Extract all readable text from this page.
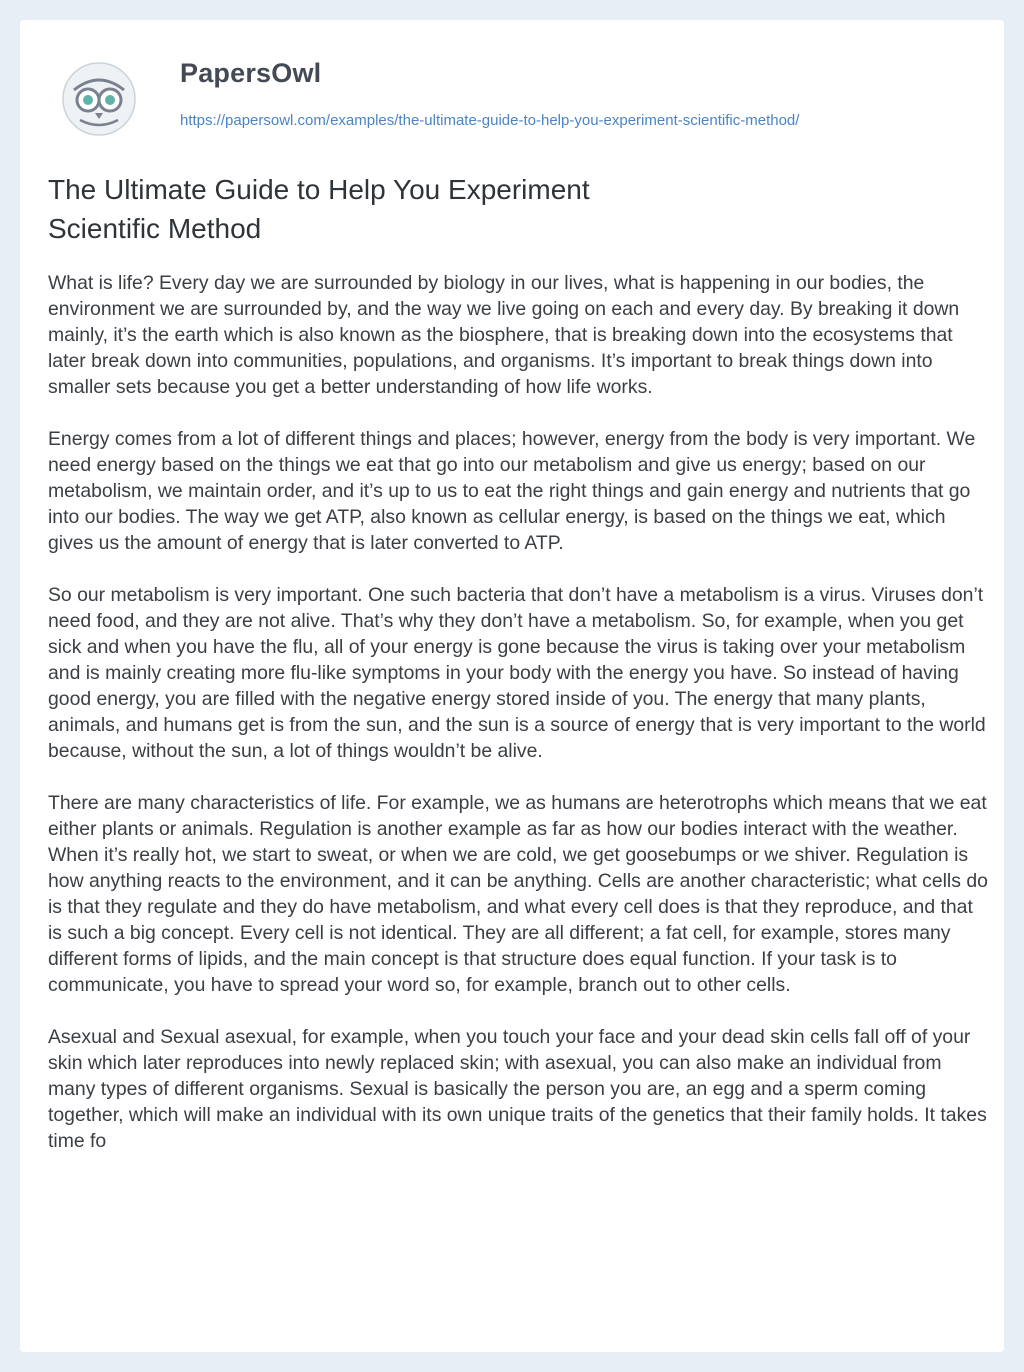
PapersOwl
https://papersowl.com/examples/the-ultimate-guide-to-help-you-experiment-scientific-method/
The Ultimate Guide to Help You Experiment Scientific Method

What is life? Every day we are surrounded by biology in our lives, what is happening in our bodies, the environment we are surrounded by, and the way we live going on each and every day. By breaking it down mainly, it’s the earth which is also known as the biosphere, that is breaking down into the ecosystems that later break down into communities, populations, and organisms. It’s important to break things down into smaller sets because you get a better understanding of how life works.

Energy comes from a lot of different things and places; however, energy from the body is very important. We need energy based on the things we eat that go into our metabolism and give us energy; based on our metabolism, we maintain order, and it’s up to us to eat the right things and gain energy and nutrients that go into our bodies. The way we get ATP, also known as cellular energy, is based on the things we eat, which gives us the amount of energy that is later converted to ATP.

So our metabolism is very important. One such bacteria that don’t have a metabolism is a virus. Viruses don’t need food, and they are not alive. That’s why they don’t have a metabolism. So, for example, when you get sick and when you have the flu, all of your energy is gone because the virus is taking over your metabolism and is mainly creating more flu-like symptoms in your body with the energy you have. So instead of having good energy, you are filled with the negative energy stored inside of you. The energy that many plants, animals, and humans get is from the sun, and the sun is a source of energy that is very important to the world because, without the sun, a lot of things wouldn’t be alive.

There are many characteristics of life. For example, we as humans are heterotrophs which means that we eat either plants or animals. Regulation is another example as far as how our bodies interact with the weather. When it’s really hot, we start to sweat, or when we are cold, we get goosebumps or we shiver. Regulation is how anything reacts to the environment, and it can be anything. Cells are another characteristic; what cells do is that they regulate and they do have metabolism, and what every cell does is that they reproduce, and that is such a big concept. Every cell is not identical. They are all different; a fat cell, for example, stores many different forms of lipids, and the main concept is that structure does equal function. If your task is to communicate, you have to spread your word so, for example, branch out to other cells.

Asexual and Sexual asexual, for example, when you touch your face and your dead skin cells fall off of your skin which later reproduces into newly replaced skin; with asexual, you can also make an individual from many types of different organisms. Sexual is basically the person you are, an egg and a sperm coming together, which will make an individual with its own unique traits of the genetics that their family holds. It takes time fo
